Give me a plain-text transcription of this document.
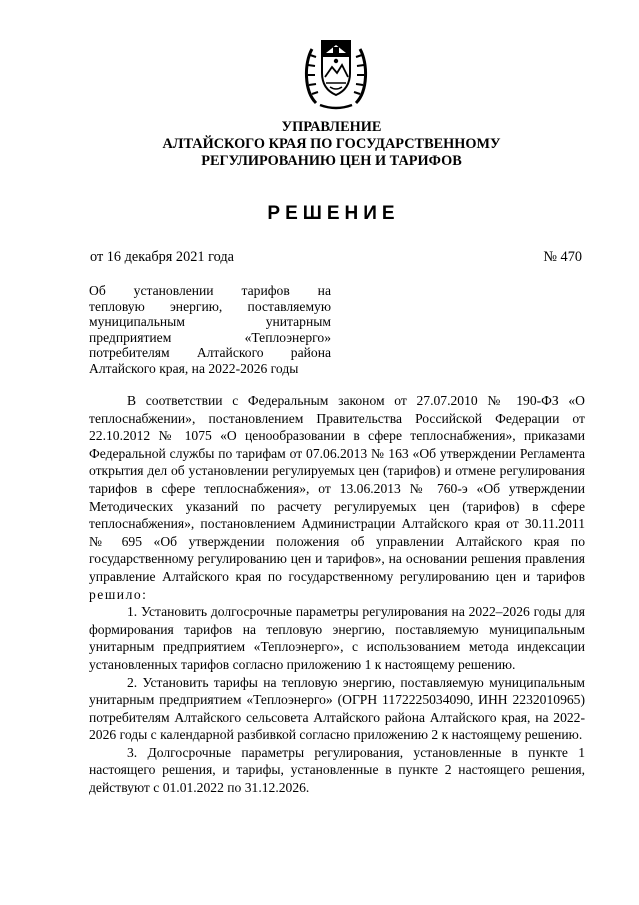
УПРАВЛЕНИЕ
АЛТАЙСКОГО КРАЯ ПО ГОСУДАРСТВЕННОМУ
РЕГУЛИРОВАНИЮ ЦЕН И ТАРИФОВ
РЕШЕНИЕ
от 16 декабря 2021 года	№ 470
Об установлении тарифов на
тепловую энергию, поставляемую
муниципальным унитарным
предприятием «Теплоэнерго»
потребителям Алтайского района
Алтайского края, на 2022-2026 годы

В соответствии с Федеральным законом от 27.07.2010 № 190-ФЗ «О теплоснабжении», постановлением Правительства Российской Федерации от 22.10.2012 № 1075 «О ценообразовании в сфере теплоснабжения», приказами Федеральной службы по тарифам от 07.06.2013 № 163 «Об утверждении Регламента открытия дел об установлении регулируемых цен (тарифов) и отмене регулирования тарифов в сфере теплоснабжения», от 13.06.2013 № 760-э «Об утверждении Методических указаний по расчету регулируемых цен (тарифов) в сфере теплоснабжения», постановлением Администрации Алтайского края от 30.11.2011 № 695 «Об утверждении положения об управлении Алтайского края по государственному регулированию цен и тарифов», на основании решения правления управление Алтайского края по государственному регулированию цен и тарифов решило:

1. Установить долгосрочные параметры регулирования на 2022–2026 годы для формирования тарифов на тепловую энергию, поставляемую муниципальным унитарным предприятием «Теплоэнерго», с использованием метода индексации установленных тарифов согласно приложению 1 к настоящему решению.

2. Установить тарифы на тепловую энергию, поставляемую муниципальным унитарным предприятием «Теплоэнерго» (ОГРН 1172225034090, ИНН 2232010965) потребителям Алтайского сельсовета Алтайского района Алтайского края, на 2022-2026 годы с календарной разбивкой согласно приложению 2 к настоящему решению.

3. Долгосрочные параметры регулирования, установленные в пункте 1 настоящего решения, и тарифы, установленные в пункте 2 настоящего решения, действуют с 01.01.2022 по 31.12.2026.
